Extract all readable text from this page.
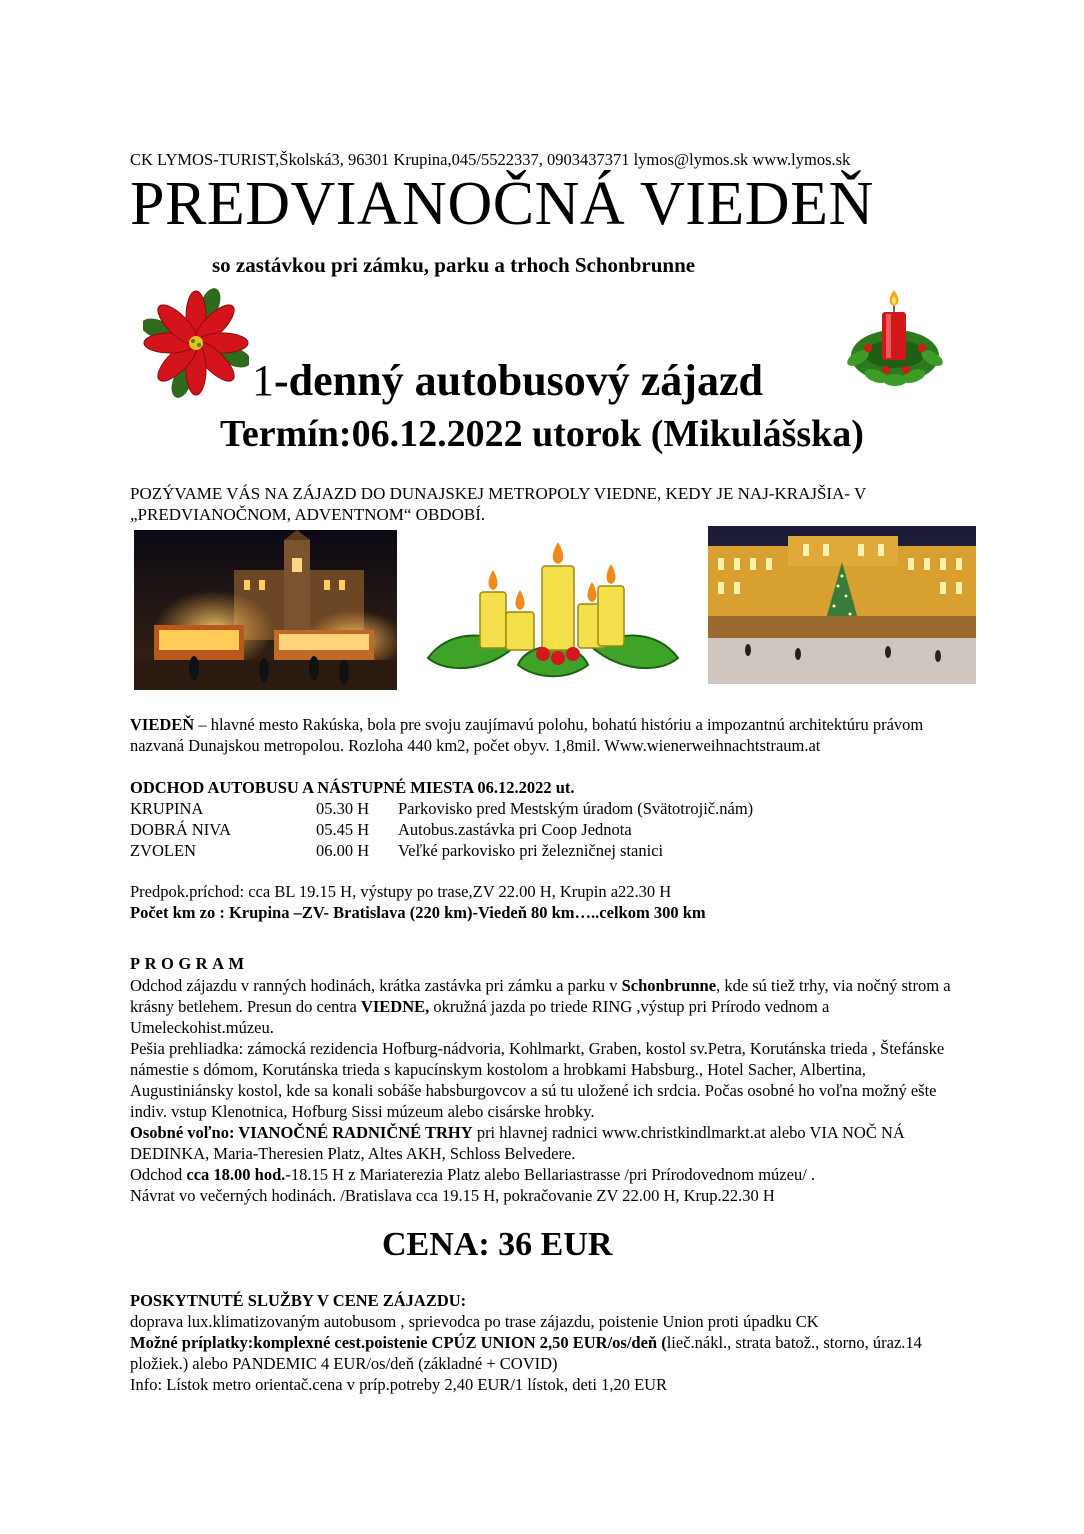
CK LYMOS-TURIST,Školská3, 96301 Krupina,045/5522337, 0903437371 lymos@lymos.sk www.lymos.sk
PREDVIANOČNÁ VIEDEŇ
so zastávkou pri zámku, parku a trhoch Schonbrunne
1-denný autobusový zájazd
Termín:06.12.2022 utorok (Mikulášska)
POZÝVAME VÁS NA ZÁJAZD DO DUNAJSKEJ METROPOLY VIEDNE, KEDY JE NAJ-KRAJŠIA- V „PREDVIANOČNOM, ADVENTNOM“ OBDOBÍ.
VIEDEŇ – hlavné mesto Rakúska, bola pre svoju zaujímavú polohu, bohatú históriu a impozantnú architektúru právom nazvaná Dunajskou metropolou. Rozloha 440 km2, počet obyv. 1,8mil. Www.wienerweihnachtstraum.at
ODCHOD AUTOBUSU A NÁSTUPNÉ MIESTA 06.12.2022 ut.
KRUPINA	05.30 H Parkovisko pred Mestským úradom (Svätotrojič.nám)
DOBRÁ NIVA	05.45 H Autobus.zastávka pri Coop Jednota
ZVOLEN	06.00 H Veľké parkovisko pri železničnej stanici
Predpok.príchod: cca BL 19.15 H, výstupy po trase,ZV 22.00 H, Krupin a22.30 H
Počet km zo : Krupina –ZV- Bratislava (220 km)-Viedeň 80 km…..celkom 300 km
PROGRAM

Odchod zájazdu v ranných hodinách, krátka zastávka pri zámku a parku v Schonbrunne, kde sú tiež trhy, via nočný strom a krásny betlehem. Presun do centra VIEDNE, okružná jazda po triede RING ,výstup pri Prírodo vednom a Umeleckohist.múzeu.

Pešia prehliadka: zámocká rezidencia Hofburg-nádvoria, Kohlmarkt, Graben, kostol sv.Petra, Korutánska trieda , Štefánske námestie s dómom, Korutánska trieda s kapucínskym kostolom a hrobkami Habsburg., Hotel Sacher, Albertina, Augustiniánsky kostol, kde sa konali sobáše habsburgovcov a sú tu uložené ich srdcia. Počas osobné ho voľna možný ešte indiv. vstup Klenotnica, Hofburg Sissi múzeum alebo cisárske hrobky.

Osobné voľno: VIANOČNÉ RADNIČNÉ TRHY pri hlavnej radnici www.christkindlmarkt.at alebo VIA NOČ NÁ DEDINKA, Maria-Theresien Platz, Altes AKH, Schloss Belvedere.

Odchod cca 18.00 hod.-18.15 H z Mariaterezia Platz alebo Bellariastrasse /pri Prírodovednom múzeu/ .

Návrat vo večerných hodinách. /Bratislava cca 19.15 H, pokračovanie ZV 22.00 H, Krup.22.30 H

CENA: 36 EUR

POSKYTNUTÉ SLUŽBY V CENE ZÁJAZDU:

doprava lux.klimatizovaným autobusom , sprievodca po trase zájazdu, poistenie Union proti úpadku CK

Možné príplatky:komplexné cest.poistenie CPÚZ UNION 2,50 EUR/os/deň (lieč.nákl., strata batož., storno, úraz.14 pložiek.) alebo PANDEMIC 4 EUR/os/deň (základné + COVID)

Info: Lístok metro orientač.cena v príp.potreby 2,40 EUR/1 lístok, deti 1,20 EUR
